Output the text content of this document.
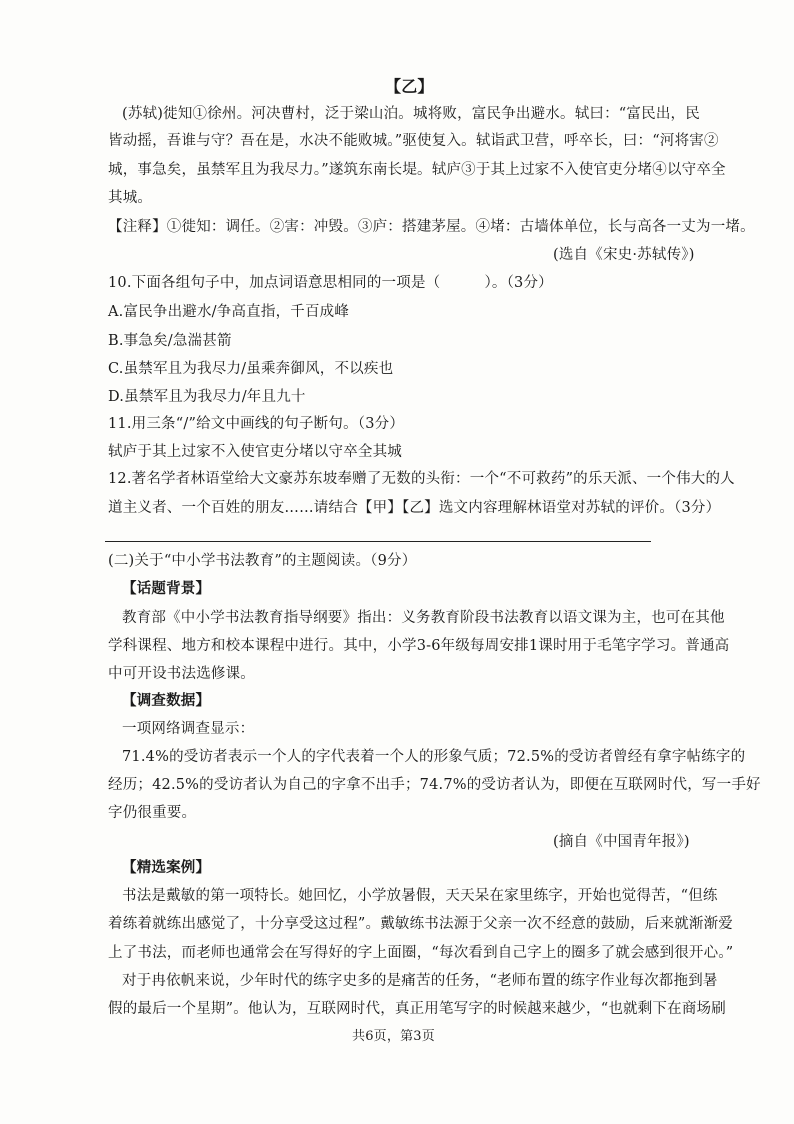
【乙】
(苏轼)徙知①徐州。河决曹村，泛于梁山泊。城将败，富民争出避水。轼曰：“富民出，民
皆动摇，吾谁与守？吾在是，水决不能败城。”驱使复入。轼诣武卫营，呼卒长，曰：“河将害②
城，事急矣，虽禁军且为我尽力。”遂筑东南长堤。轼庐③于其上过家不入使官吏分堵④以守卒全
其城。
【注释】①徙知：调任。②害：冲毁。③庐：搭建茅屋。④堵：古墙体单位，长与高各一丈为一堵。
(选自《宋史·苏轼传》)
10.下面各组句子中，加点词语意思相同的一项是（　　　）。（3分）
A.富民争出避水/争高直指，千百成峰
B.事急矣/急湍甚箭
C.虽禁军且为我尽力/虽乘奔御风，不以疾也
D.虽禁军且为我尽力/年且九十
11.用三条“/”给文中画线的句子断句。（3分）
轼庐于其上过家不入使官吏分堵以守卒全其城
12.著名学者林语堂给大文豪苏东坡奉赠了无数的头衔：一个“不可救药”的乐天派、一个伟大的人
道主义者、一个百姓的朋友……请结合【甲】【乙】选文内容理解林语堂对苏轼的评价。（3分）
(二)关于“中小学书法教育”的主题阅读。（9分）
【话题背景】
教育部《中小学书法教育指导纲要》指出：义务教育阶段书法教育以语文课为主，也可在其他
学科课程、地方和校本课程中进行。其中，小学3-6年级每周安排1课时用于毛笔字学习。普通高
中可开设书法选修课。
【调查数据】
一项网络调查显示：
71.4%的受访者表示一个人的字代表着一个人的形象气质；72.5%的受访者曾经有拿字帖练字的
经历；42.5%的受访者认为自己的字拿不出手；74.7%的受访者认为，即便在互联网时代，写一手好
字仍很重要。
(摘自《中国青年报》)
【精选案例】
书法是戴敏的第一项特长。她回忆，小学放暑假，天天呆在家里练字，开始也觉得苦，“但练
着练着就练出感觉了，十分享受这过程”。戴敏练书法源于父亲一次不经意的鼓励，后来就渐渐爱
上了书法，而老师也通常会在写得好的字上面圈，“每次看到自己字上的圈多了就会感到很开心。”
对于冉依帆来说，少年时代的练字史多的是痛苦的任务，“老师布置的练字作业每次都拖到暑
假的最后一个星期”。他认为，互联网时代，真正用笔写字的时候越来越少，“也就剩下在商场刷
共6页，第3页
